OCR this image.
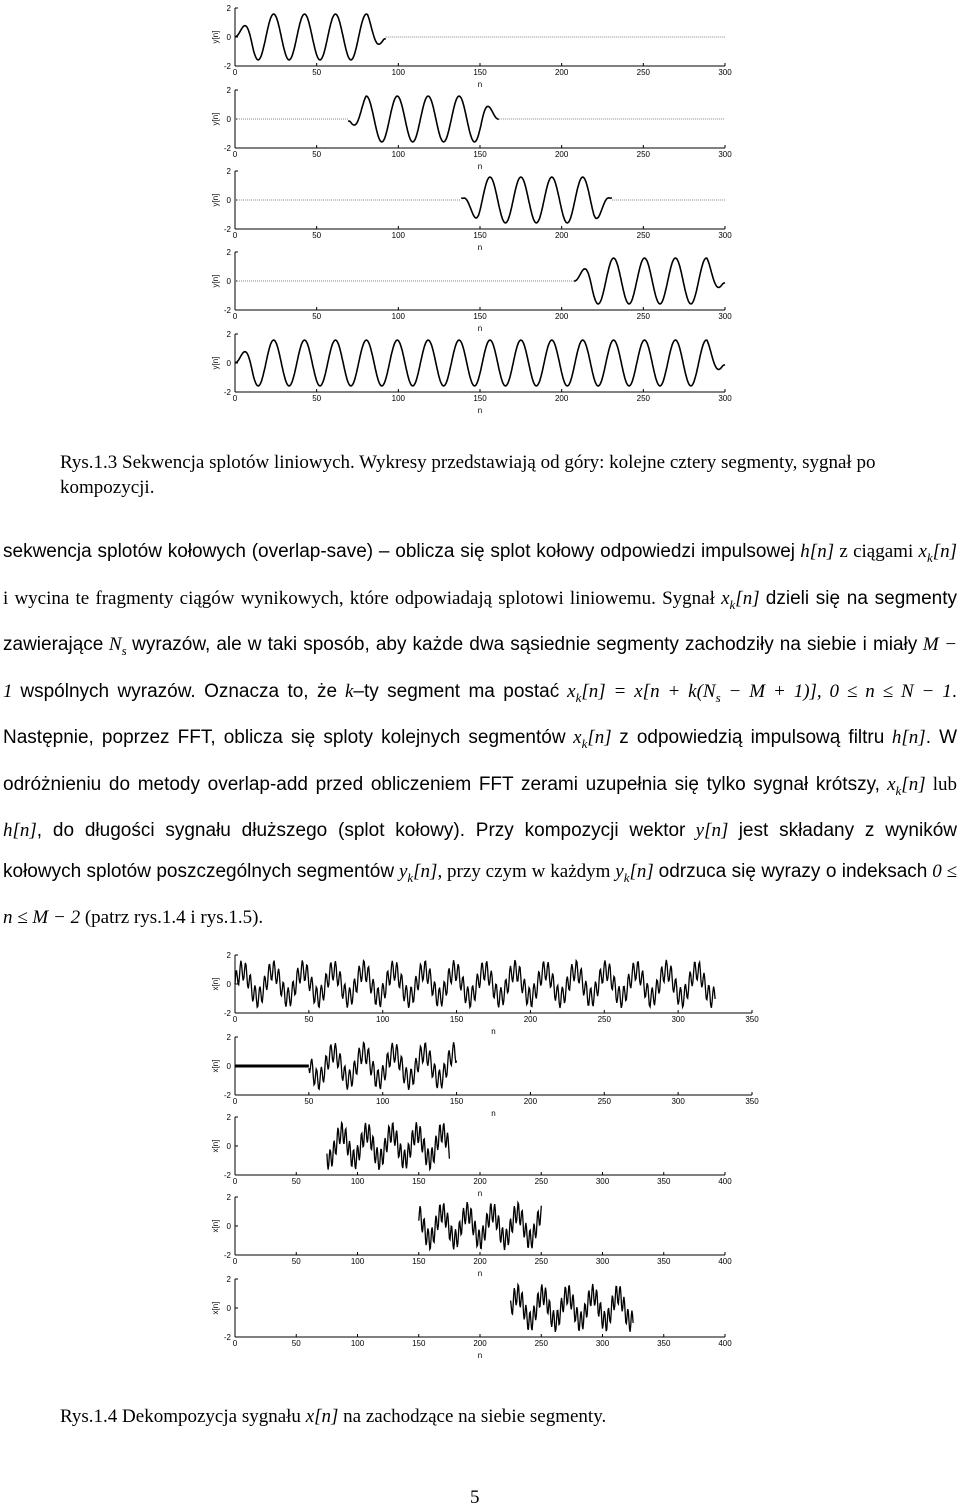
2
0
-2
y[n]
0	50	100	150	200	250	300
n
2
0
-2
y[n]
0	50	100	150	200	250	300
n
2
0
-2
y[n]
0	50	100	150	200	250	300
n
2
0
-2
y[n]
0	50	100	150	200	250	300
n
2
0
-2
y[n]
0	50	100	150	200	250	300
n

Rys.1.3 Sekwencja splotów liniowych. Wykresy przedstawiają od góry: kolejne cztery segmenty, sygnał po kompozycji.

sekwencja splotów kołowych (overlap-save) – oblicza się splot kołowy odpowiedzi impulsowej h[n] z ciągami $x_k[n]$ i wycina te fragmenty ciągów wynikowych, które odpowiadają splotowi liniowemu. Sygnał $x_k[n]$ dzieli się na segmenty zawierające $N_s$ wyrazów, ale w taki sposób, aby każde dwa sąsiednie segmenty zachodziły na siebie i miały M − 1 wspólnych wyrazów. Oznacza to, że k–ty segment ma postać $x_k[n] = x[n + k(N_s - M + 1)]$, 0 ≤ n ≤ N − 1. Następnie, poprzez FFT, oblicza się sploty kolejnych segmentów $x_k[n]$ z odpowiedzią impulsową filtru h[n]. W odróżnieniu do metody overlap-add przed obliczeniem FFT zerami uzupełnia się tylko sygnał krótszy, $x_k[n]$ lub h[n], do długości sygnału dłuższego (splot kołowy). Przy kompozycji wektor y[n] jest składany z wyników kołowych splotów poszczególnych segmentów $y_k[n]$, przy czym w każdym $y_k[n]$ odrzuca się wyrazy o indeksach 0 ≤ n ≤ M − 2 (patrz rys.1.4 i rys.1.5).
2
0
-2
x[n]
0	50	100	150	200	250	300	350
n
2
0
-2
x[n]
0	50	100	150	200	250	300	350
n
2
0
-2
x[n]
0	50	100	150	200	250	300	350	400
n
2
0
-2
x[n]
0	50	100	150	200	250	300	350	400
n
2
0
-2
x[n]
0	50	100	150	200	250	300	350	400
n

Rys.1.4 Dekompozycja sygnału x[n] na zachodzące na siebie segmenty.

5
